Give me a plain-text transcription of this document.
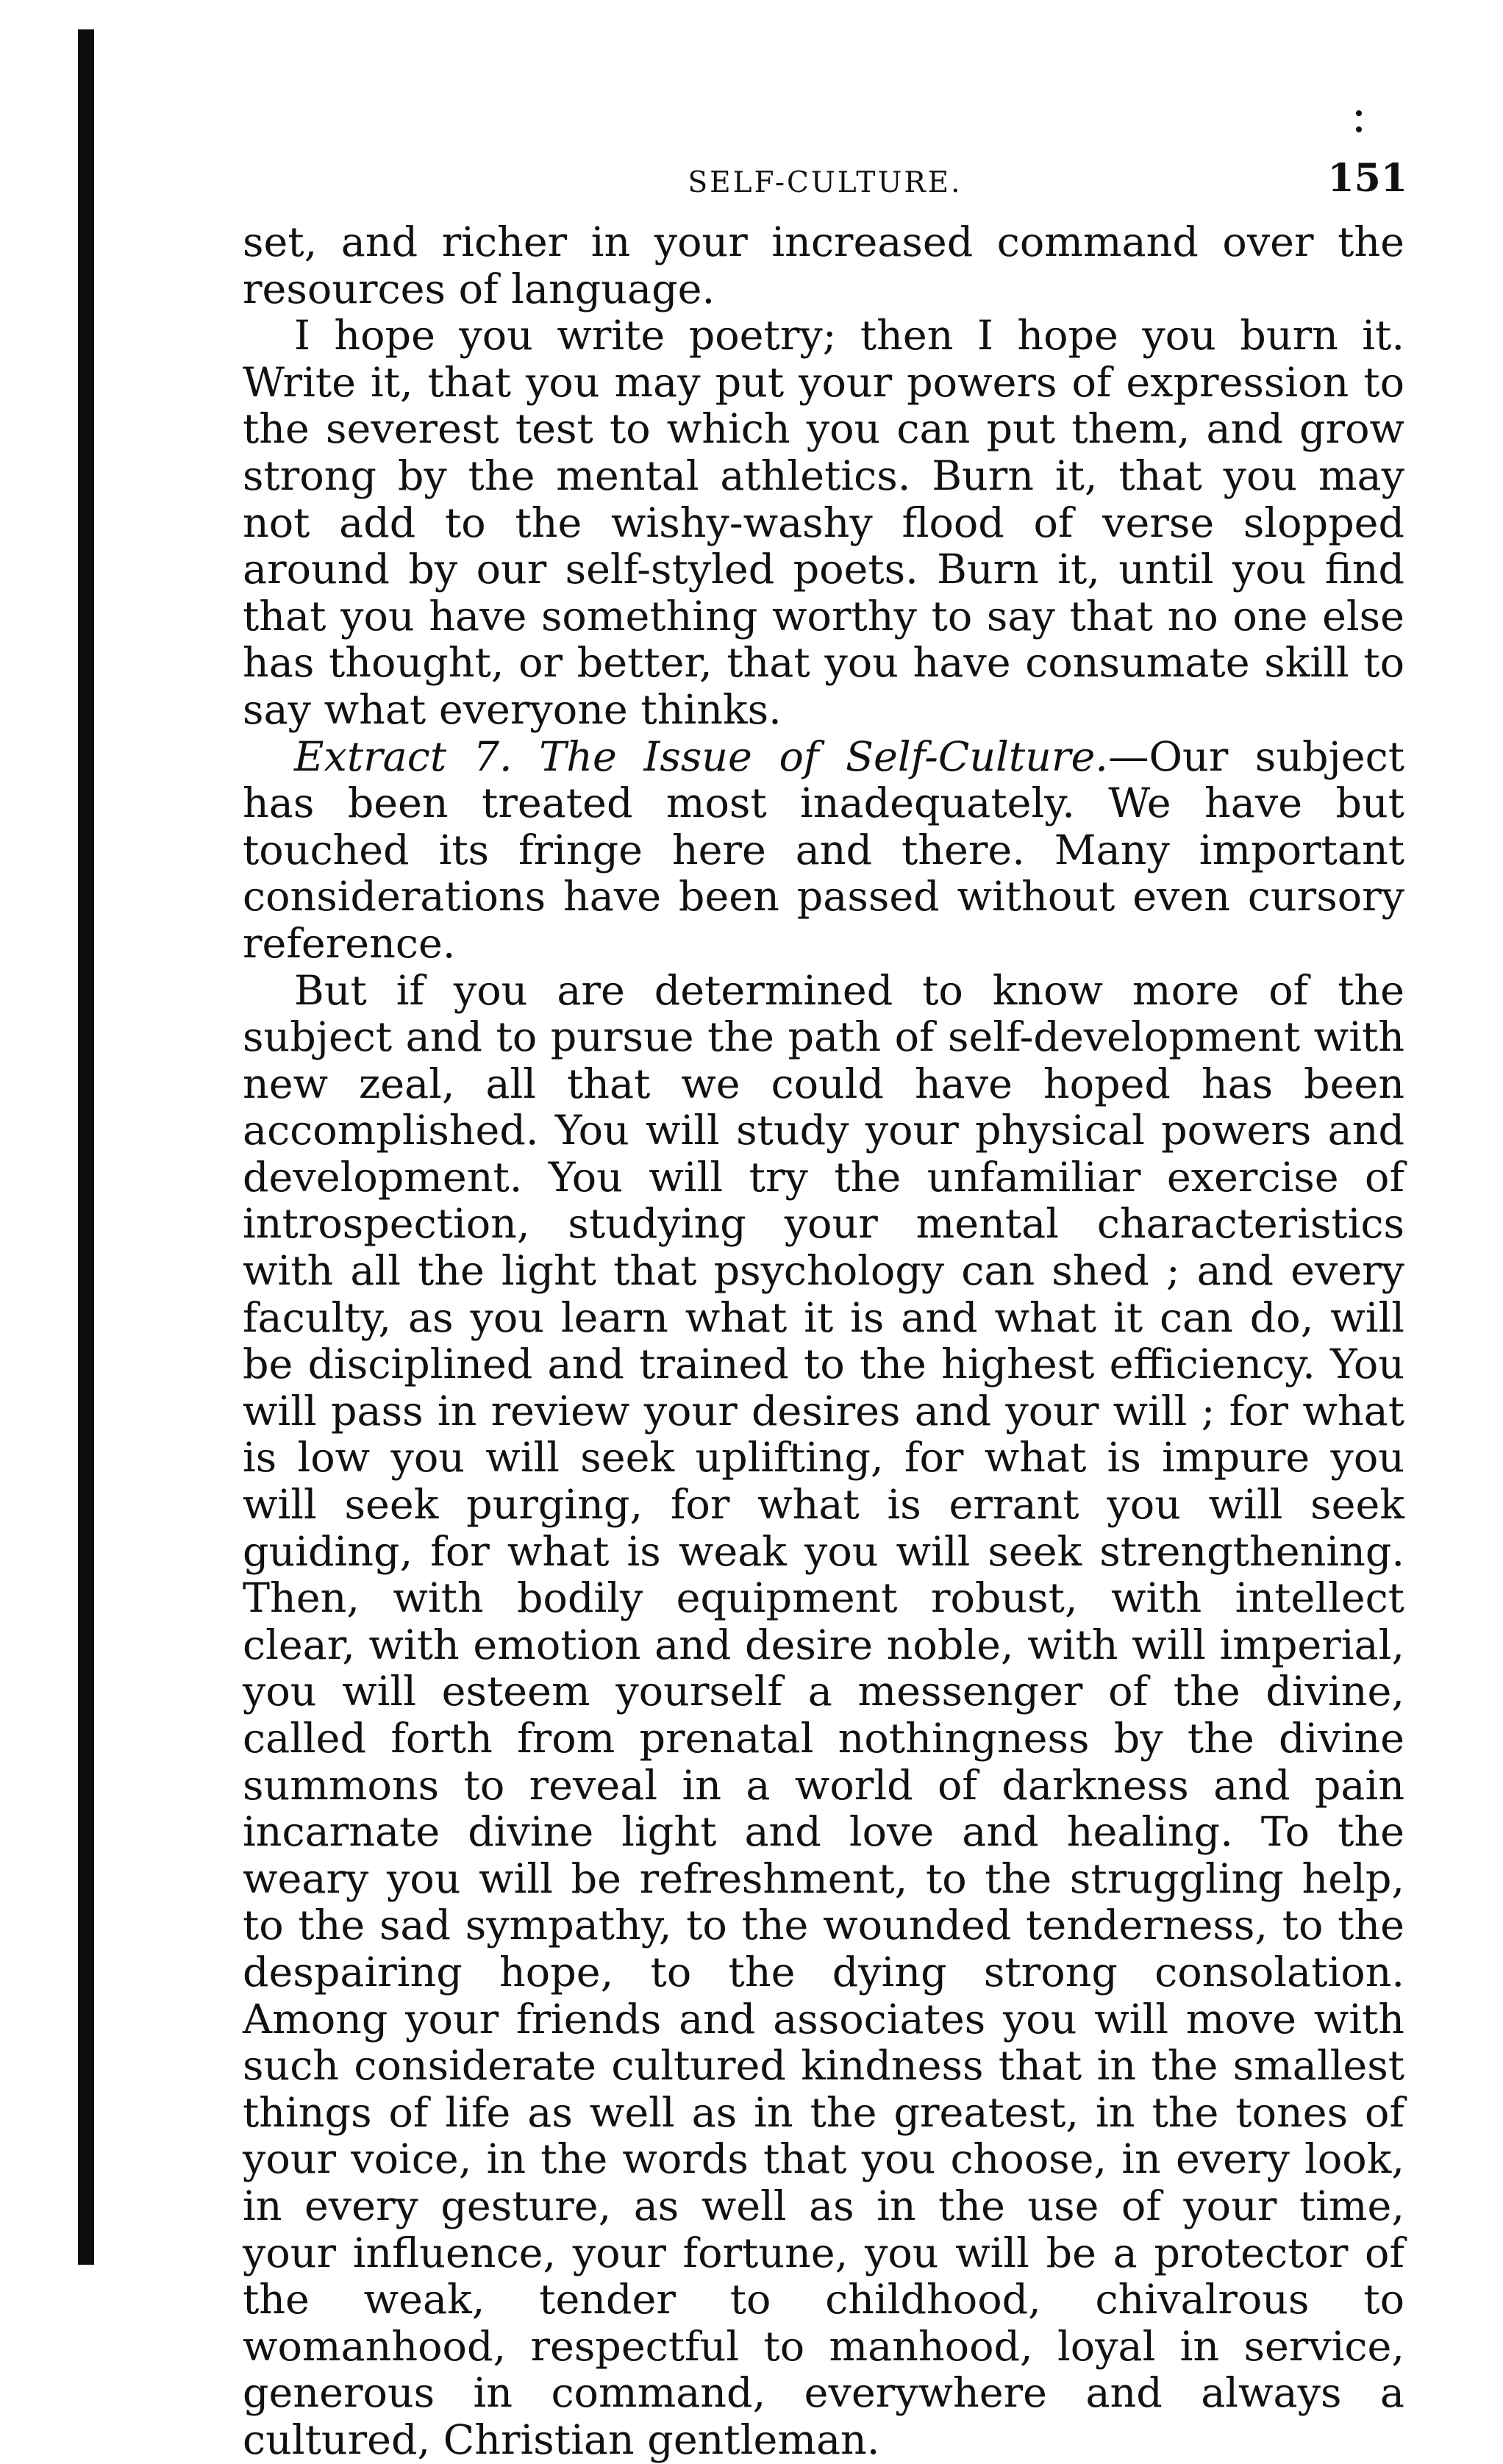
SELF-CULTURE.	151

set, and richer in your increased command over the resources of language.

I hope you write poetry; then I hope you burn it. Write it, that you may put your powers of expression to the severest test to which you can put them, and grow strong by the mental athletics. Burn it, that you may not add to the wishy-washy flood of verse slopped around by our self-styled poets. Burn it, until you find that you have something worthy to say that no one else has thought, or better, that you have consumate skill to say what everyone thinks.

Extract 7. The Issue of Self-Culture.—Our subject has been treated most inadequately. We have but touched its fringe here and there. Many important considerations have been passed without even cursory reference.

But if you are determined to know more of the subject and to pursue the path of self-development with new zeal, all that we could have hoped has been accomplished. You will study your physical powers and development. You will try the unfamiliar exercise of introspection, studying your mental characteristics with all the light that psychology can shed ; and every faculty, as you learn what it is and what it can do, will be disciplined and trained to the highest efficiency. You will pass in review your desires and your will ; for what is low you will seek uplifting, for what is impure you will seek purging, for what is errant you will seek guiding, for what is weak you will seek strengthening. Then, with bodily equipment robust, with intellect clear, with emotion and desire noble, with will imperial, you will esteem yourself a messenger of the divine, called forth from prenatal nothingness by the divine summons to reveal in a world of darkness and pain incarnate divine light and love and healing. To the weary you will be refreshment, to the struggling help, to the sad sympathy, to the wounded tenderness, to the despairing hope, to the dying strong consolation. Among your friends and associates you will move with such considerate cultured kindness that in the smallest things of life as well as in the greatest, in the tones of your voice, in the words that you choose, in every look, in every gesture, as well as in the use of your time, your influence, your fortune, you will be a protector of the weak, tender to childhood, chivalrous to womanhood, respectful to manhood, loyal in service, generous in command, everywhere and always a cultured, Christian gentleman.
